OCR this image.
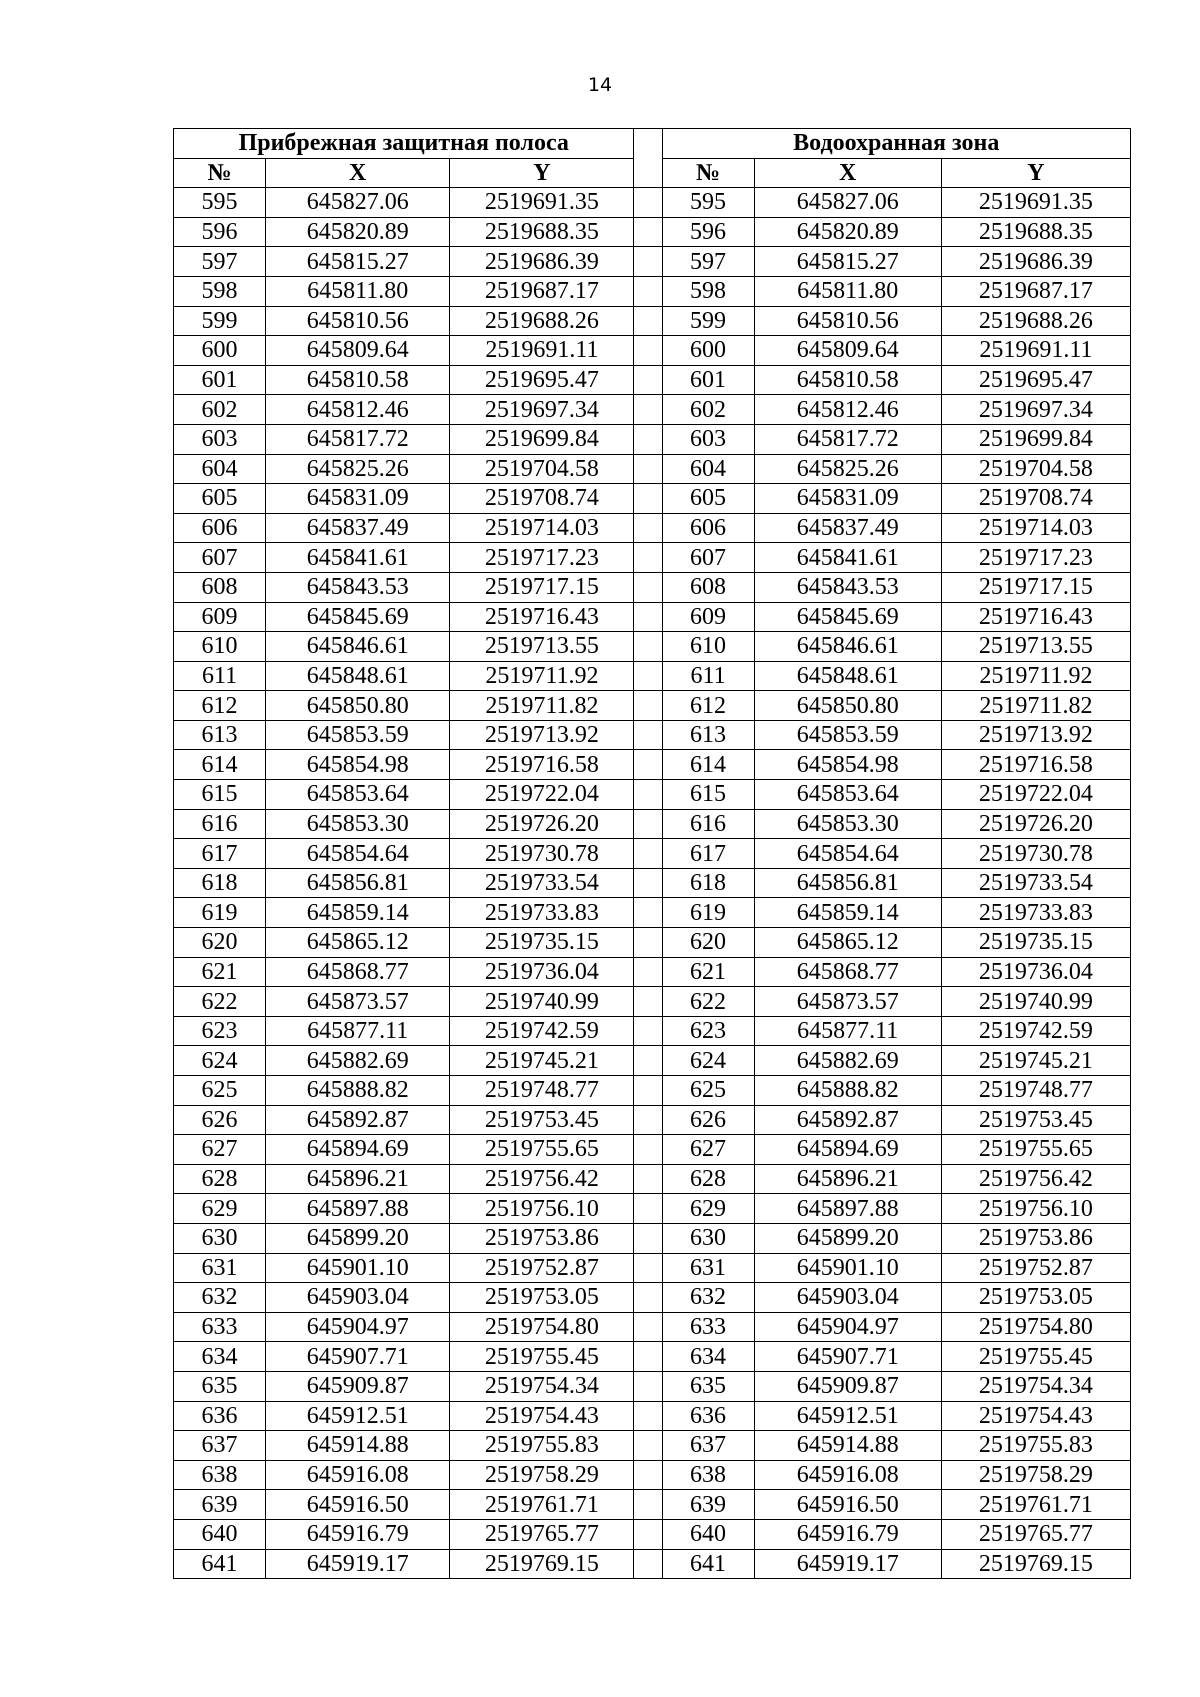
14
Прибрежная защитная полоса				Водоохранная зона		
№	X	Y		№	X	Y
595	645827.06	2519691.35		595	645827.06	2519691.35
596	645820.89	2519688.35		596	645820.89	2519688.35
597	645815.27	2519686.39		597	645815.27	2519686.39
598	645811.80	2519687.17		598	645811.80	2519687.17
599	645810.56	2519688.26		599	645810.56	2519688.26
600	645809.64	2519691.11		600	645809.64	2519691.11
601	645810.58	2519695.47		601	645810.58	2519695.47
602	645812.46	2519697.34		602	645812.46	2519697.34
603	645817.72	2519699.84		603	645817.72	2519699.84
604	645825.26	2519704.58		604	645825.26	2519704.58
605	645831.09	2519708.74		605	645831.09	2519708.74
606	645837.49	2519714.03		606	645837.49	2519714.03
607	645841.61	2519717.23		607	645841.61	2519717.23
608	645843.53	2519717.15		608	645843.53	2519717.15
609	645845.69	2519716.43		609	645845.69	2519716.43
610	645846.61	2519713.55		610	645846.61	2519713.55
611	645848.61	2519711.92		611	645848.61	2519711.92
612	645850.80	2519711.82		612	645850.80	2519711.82
613	645853.59	2519713.92		613	645853.59	2519713.92
614	645854.98	2519716.58		614	645854.98	2519716.58
615	645853.64	2519722.04		615	645853.64	2519722.04
616	645853.30	2519726.20		616	645853.30	2519726.20
617	645854.64	2519730.78		617	645854.64	2519730.78
618	645856.81	2519733.54		618	645856.81	2519733.54
619	645859.14	2519733.83		619	645859.14	2519733.83
620	645865.12	2519735.15		620	645865.12	2519735.15
621	645868.77	2519736.04		621	645868.77	2519736.04
622	645873.57	2519740.99		622	645873.57	2519740.99
623	645877.11	2519742.59		623	645877.11	2519742.59
624	645882.69	2519745.21		624	645882.69	2519745.21
625	645888.82	2519748.77		625	645888.82	2519748.77
626	645892.87	2519753.45		626	645892.87	2519753.45
627	645894.69	2519755.65		627	645894.69	2519755.65
628	645896.21	2519756.42		628	645896.21	2519756.42
629	645897.88	2519756.10		629	645897.88	2519756.10
630	645899.20	2519753.86		630	645899.20	2519753.86
631	645901.10	2519752.87		631	645901.10	2519752.87
632	645903.04	2519753.05		632	645903.04	2519753.05
633	645904.97	2519754.80		633	645904.97	2519754.80
634	645907.71	2519755.45		634	645907.71	2519755.45
635	645909.87	2519754.34		635	645909.87	2519754.34
636	645912.51	2519754.43		636	645912.51	2519754.43
637	645914.88	2519755.83		637	645914.88	2519755.83
638	645916.08	2519758.29		638	645916.08	2519758.29
639	645916.50	2519761.71		639	645916.50	2519761.71
640	645916.79	2519765.77		640	645916.79	2519765.77
641	645919.17	2519769.15		641	645919.17	2519769.15
